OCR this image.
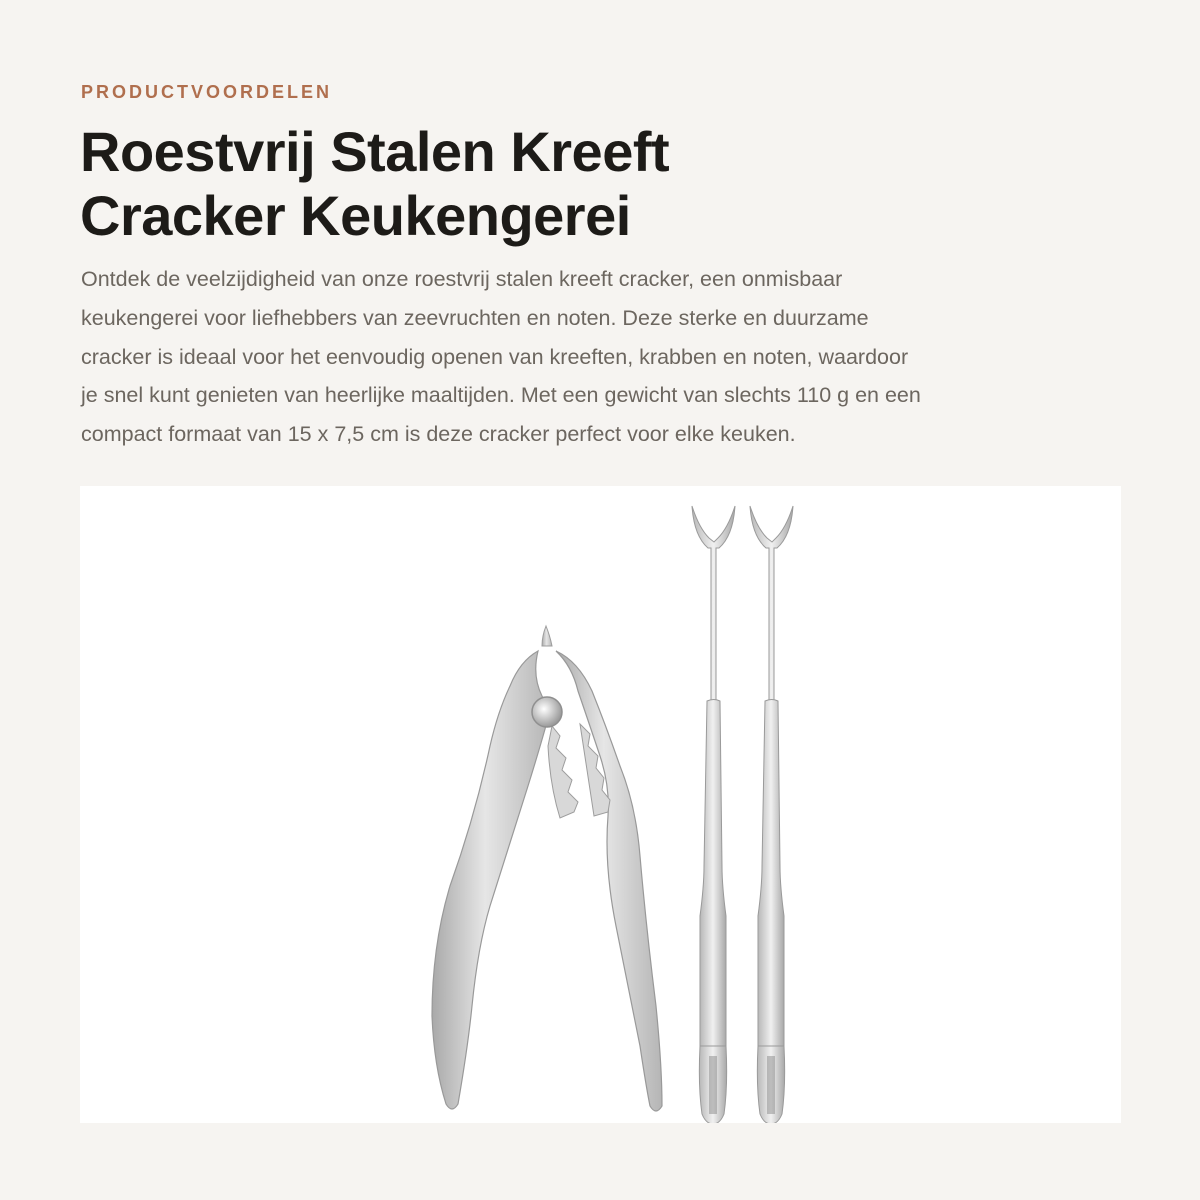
PRODUCTVOORDELEN
Roestvrij Stalen Kreeft
Cracker Keukengerei
Ontdek de veelzijdigheid van onze roestvrij stalen kreeft cracker, een onmisbaar
keukengerei voor liefhebbers van zeevruchten en noten. Deze sterke en duurzame
cracker is ideaal voor het eenvoudig openen van kreeften, krabben en noten, waardoor
je snel kunt genieten van heerlijke maaltijden. Met een gewicht van slechts 110 g en een
compact formaat van 15 x 7,5 cm is deze cracker perfect voor elke keuken.
